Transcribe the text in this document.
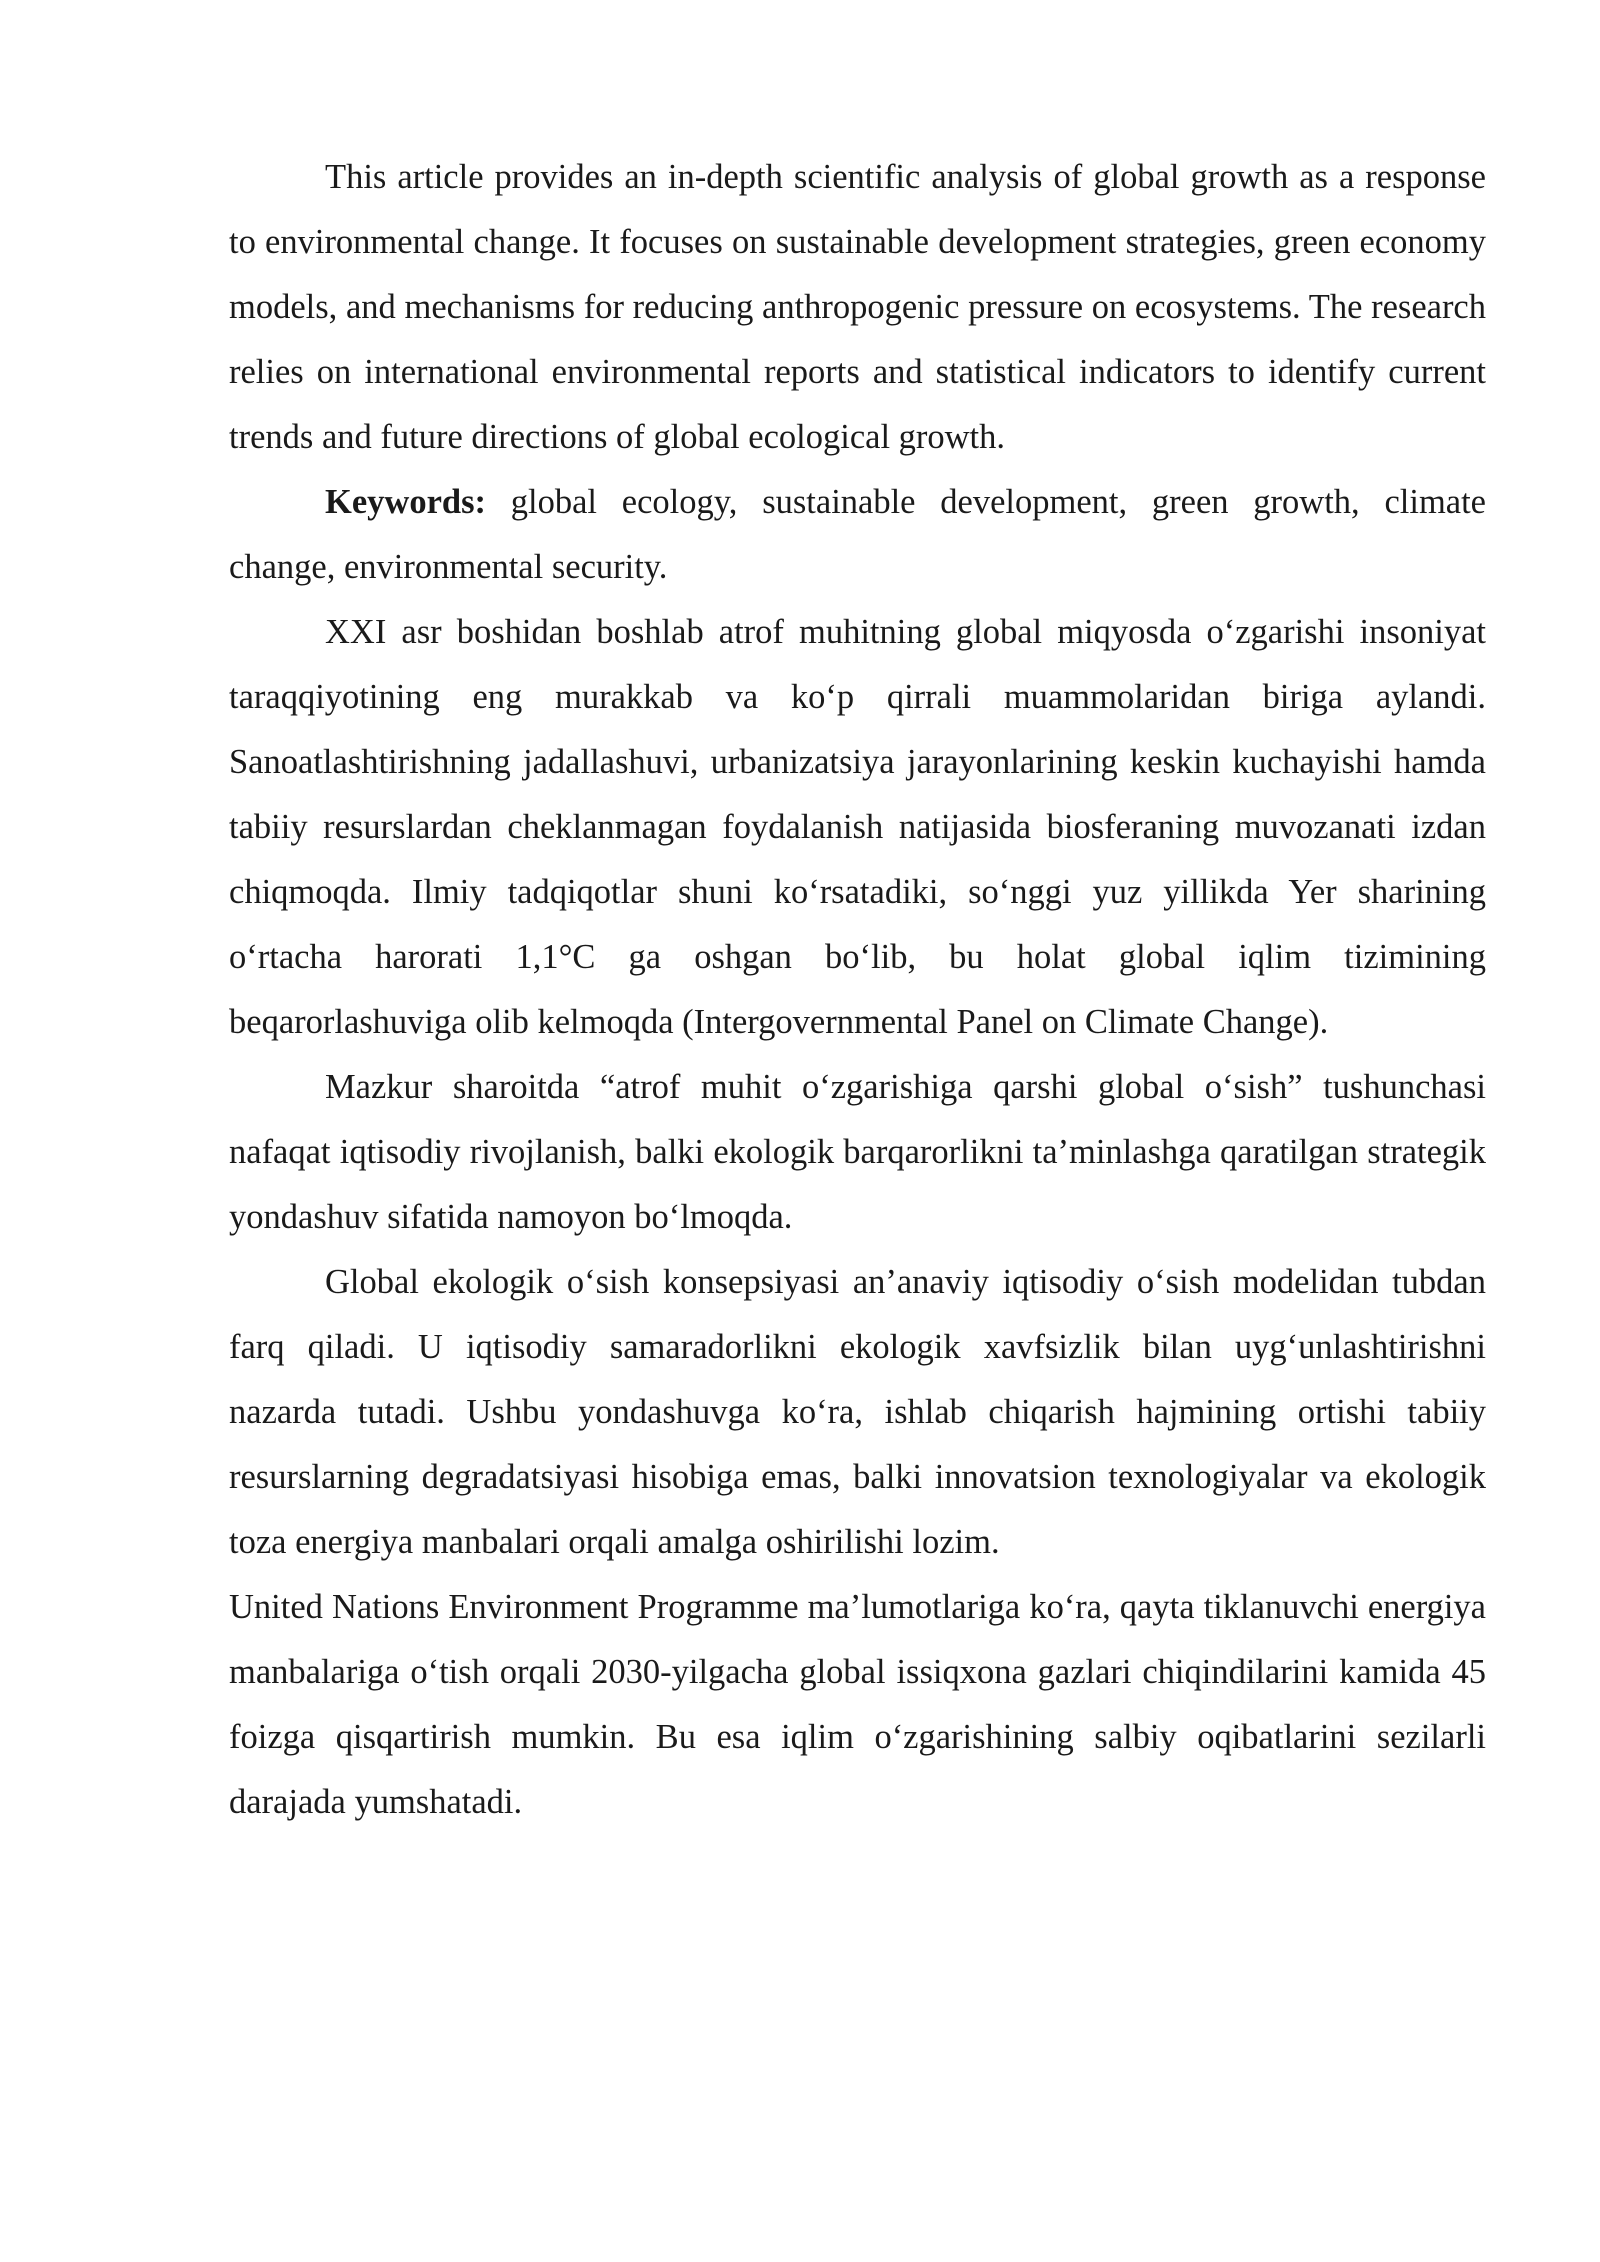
This article provides an in-depth scientific analysis of global growth as a response to environmental change. It focuses on sustainable development strategies, green economy models, and mechanisms for reducing anthropogenic pressure on ecosystems. The research relies on international environmental reports and statistical indicators to identify current trends and future directions of global ecological growth.

Keywords: global ecology, sustainable development, green growth, climate change, environmental security.

XXI asr boshidan boshlab atrof muhitning global miqyosda o‘zgarishi insoniyat taraqqiyotining eng murakkab va ko‘p qirrali muammolaridan biriga aylandi. Sanoatlashtirishning jadallashuvi, urbanizatsiya jarayonlarining keskin kuchayishi hamda tabiiy resurslardan cheklanmagan foydalanish natijasida biosferaning muvozanati izdan chiqmoqda. Ilmiy tadqiqotlar shuni ko‘rsatadiki, so‘nggi yuz yillikda Yer sharining o‘rtacha harorati 1,1°C ga oshgan bo‘lib, bu holat global iqlim tizimining beqarorlashuviga olib kelmoqda (Intergovernmental Panel on Climate Change).

Mazkur sharoitda “atrof muhit o‘zgarishiga qarshi global o‘sish” tushunchasi nafaqat iqtisodiy rivojlanish, balki ekologik barqarorlikni ta’minlashga qaratilgan strategik yondashuv sifatida namoyon bo‘lmoqda.

Global ekologik o‘sish konsepsiyasi an’anaviy iqtisodiy o‘sish modelidan tubdan farq qiladi. U iqtisodiy samaradorlikni ekologik xavfsizlik bilan uyg‘unlashtirishni nazarda tutadi. Ushbu yondashuvga ko‘ra, ishlab chiqarish hajmining ortishi tabiiy resurslarning degradatsiyasi hisobiga emas, balki innovatsion texnologiyalar va ekologik toza energiya manbalari orqali amalga oshirilishi lozim.

United Nations Environment Programme ma’lumotlariga ko‘ra, qayta tiklanuvchi energiya manbalariga o‘tish orqali 2030-yilgacha global issiqxona gazlari chiqindilarini kamida 45 foizga qisqartirish mumkin. Bu esa iqlim o‘zgarishining salbiy oqibatlarini sezilarli darajada yumshatadi.
